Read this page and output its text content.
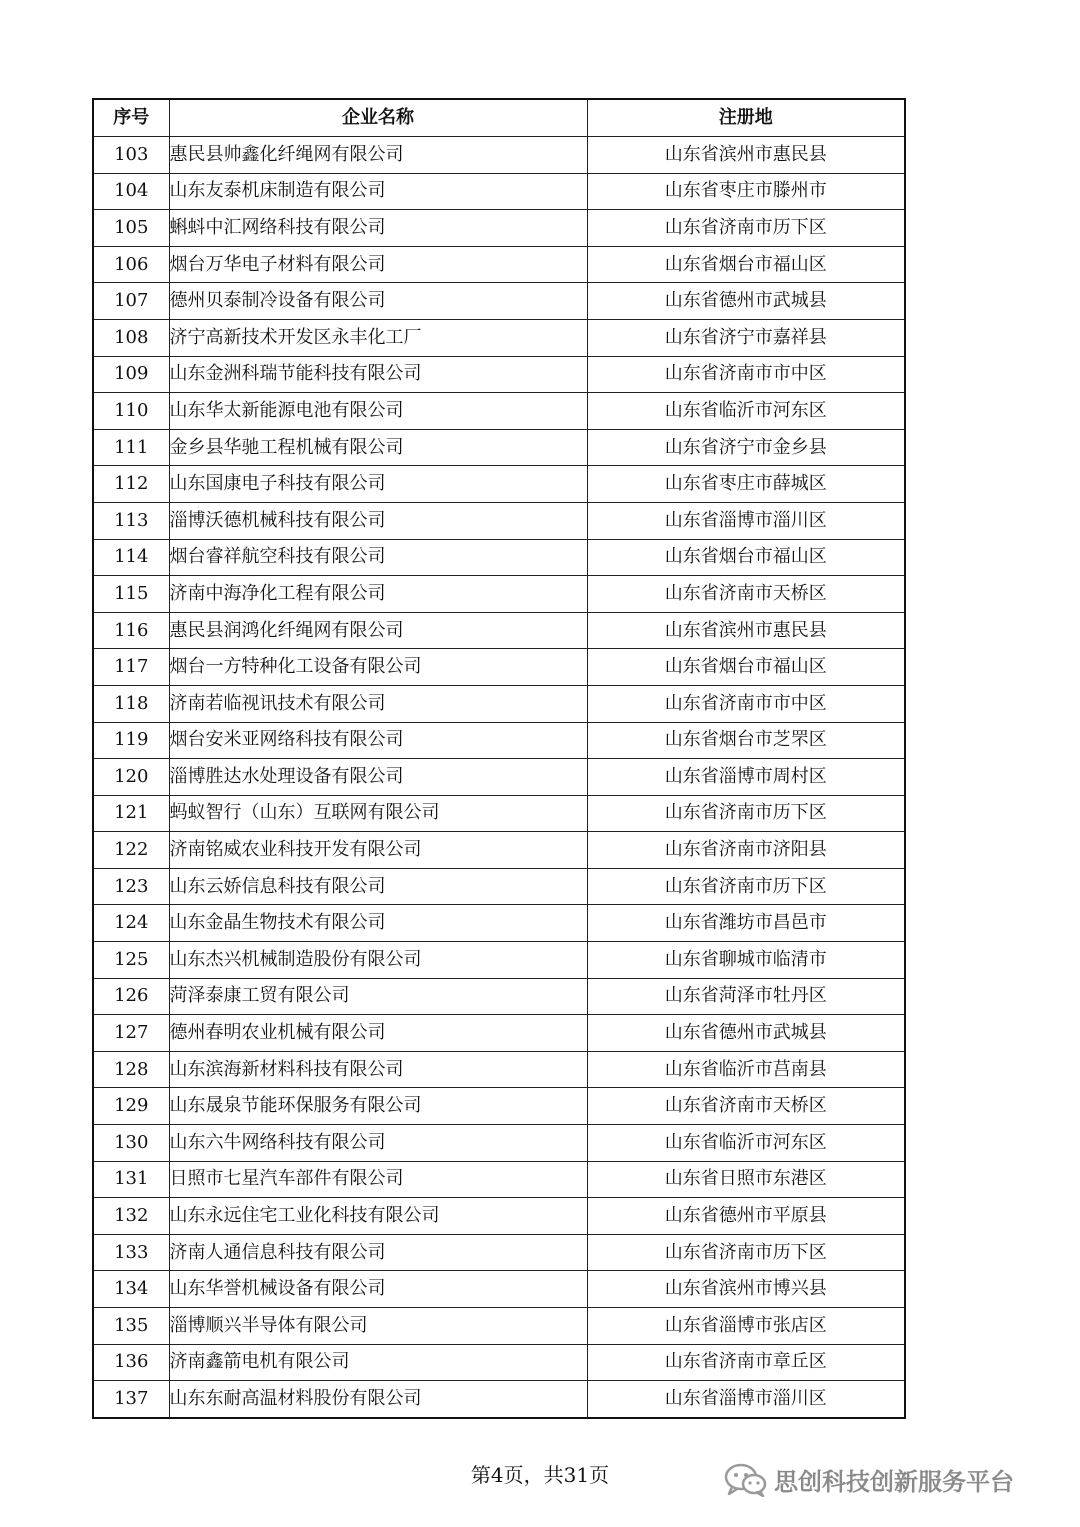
序号	企业名称	注册地
103	惠民县帅鑫化纤绳网有限公司	山东省滨州市惠民县
104	山东友泰机床制造有限公司	山东省枣庄市滕州市
105	蝌蚪中汇网络科技有限公司	山东省济南市历下区
106	烟台万华电子材料有限公司	山东省烟台市福山区
107	德州贝泰制冷设备有限公司	山东省德州市武城县
108	济宁高新技术开发区永丰化工厂	山东省济宁市嘉祥县
109	山东金洲科瑞节能科技有限公司	山东省济南市市中区
110	山东华太新能源电池有限公司	山东省临沂市河东区
111	金乡县华驰工程机械有限公司	山东省济宁市金乡县
112	山东国康电子科技有限公司	山东省枣庄市薛城区
113	淄博沃德机械科技有限公司	山东省淄博市淄川区
114	烟台睿祥航空科技有限公司	山东省烟台市福山区
115	济南中海净化工程有限公司	山东省济南市天桥区
116	惠民县润鸿化纤绳网有限公司	山东省滨州市惠民县
117	烟台一方特种化工设备有限公司	山东省烟台市福山区
118	济南若临视讯技术有限公司	山东省济南市市中区
119	烟台安米亚网络科技有限公司	山东省烟台市芝罘区
120	淄博胜达水处理设备有限公司	山东省淄博市周村区
121	蚂蚁智行（山东）互联网有限公司	山东省济南市历下区
122	济南铭威农业科技开发有限公司	山东省济南市济阳县
123	山东云娇信息科技有限公司	山东省济南市历下区
124	山东金晶生物技术有限公司	山东省潍坊市昌邑市
125	山东杰兴机械制造股份有限公司	山东省聊城市临清市
126	菏泽泰康工贸有限公司	山东省菏泽市牡丹区
127	德州春明农业机械有限公司	山东省德州市武城县
128	山东滨海新材料科技有限公司	山东省临沂市莒南县
129	山东晟泉节能环保服务有限公司	山东省济南市天桥区
130	山东六牛网络科技有限公司	山东省临沂市河东区
131	日照市七星汽车部件有限公司	山东省日照市东港区
132	山东永远住宅工业化科技有限公司	山东省德州市平原县
133	济南人通信息科技有限公司	山东省济南市历下区
134	山东华誉机械设备有限公司	山东省滨州市博兴县
135	淄博顺兴半导体有限公司	山东省淄博市张店区
136	济南鑫箭电机有限公司	山东省济南市章丘区
137	山东东耐高温材料股份有限公司	山东省淄博市淄川区
第4页，共31页	思创科技创新服务平台
